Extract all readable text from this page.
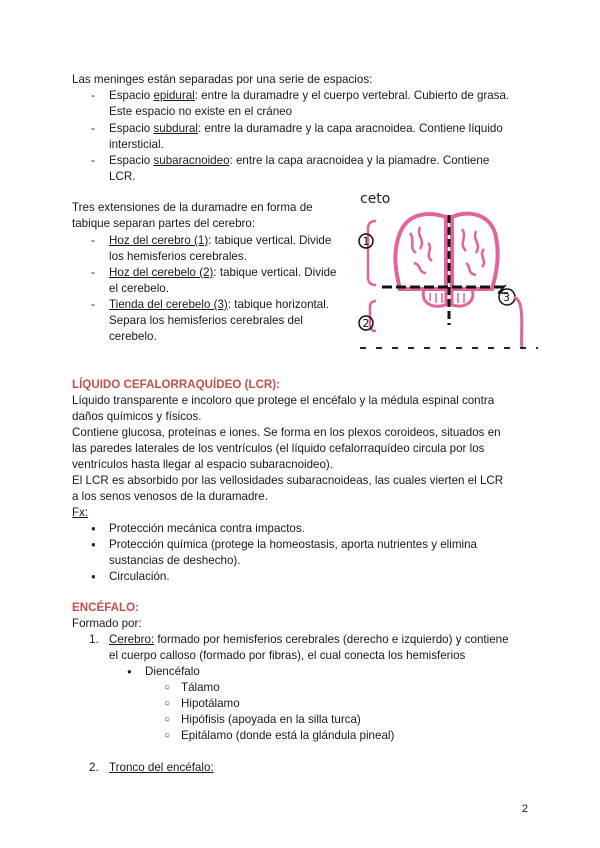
Las meninges están separadas por una serie de espacios:
- Espacio epidural: entre la duramadre y el cuerpo vertebral. Cubierto de grasa.
Este espacio no existe en el cráneo
- Espacio subdural: entre la duramadre y la capa aracnoidea. Contiene líquido
intersticial.
- Espacio subaracnoideo: entre la capa aracnoidea y la piamadre. Contiene
LCR.
Tres extensiones de la duramadre en forma de
tabique separan partes del cerebro:
- Hoz del cerebro (1): tabique vertical. Divide
los hemisferios cerebrales.
- Hoz del cerebelo (2): tabique vertical. Divide
el cerebelo.
- Tienda del cerebelo (3): tabique horizontal.
Separa los hemisferios cerebrales del
cerebelo.
ceto
1
2
3
LÍQUIDO CEFALORRAQUÍDEO (LCR):
Líquido transparente e incoloro que protege el encéfalo y la médula espinal contra
daños químicos y físicos.
Contiene glucosa, proteínas e iones. Se forma en los plexos coroideos, situados en
las paredes laterales de los ventrículos (el líquido cefalorraquídeo circula por los
ventrículos hasta llegar al espacio subaracnoideo).
El LCR es absorbido por las vellosidades subaracnoideas, las cuales vierten el LCR
a los senos venosos de la duramadre.
Fx:
● Protección mecánica contra impactos.
● Protección química (protege la homeostasis, aporta nutrientes y elimina
sustancias de deshecho).
● Circulación.
ENCÉFALO:
Formado por:
1. Cerebro: formado por hemisferios cerebrales (derecho e izquierdo) y contiene
el cuerpo calloso (formado por fibras), el cual conecta los hemisferios
● Diencéfalo
○ Tálamo
○ Hipotálamo
○ Hipófisis (apoyada en la silla turca)
○ Epitálamo (donde está la glándula pineal)
2. Tronco del encéfalo:
2
